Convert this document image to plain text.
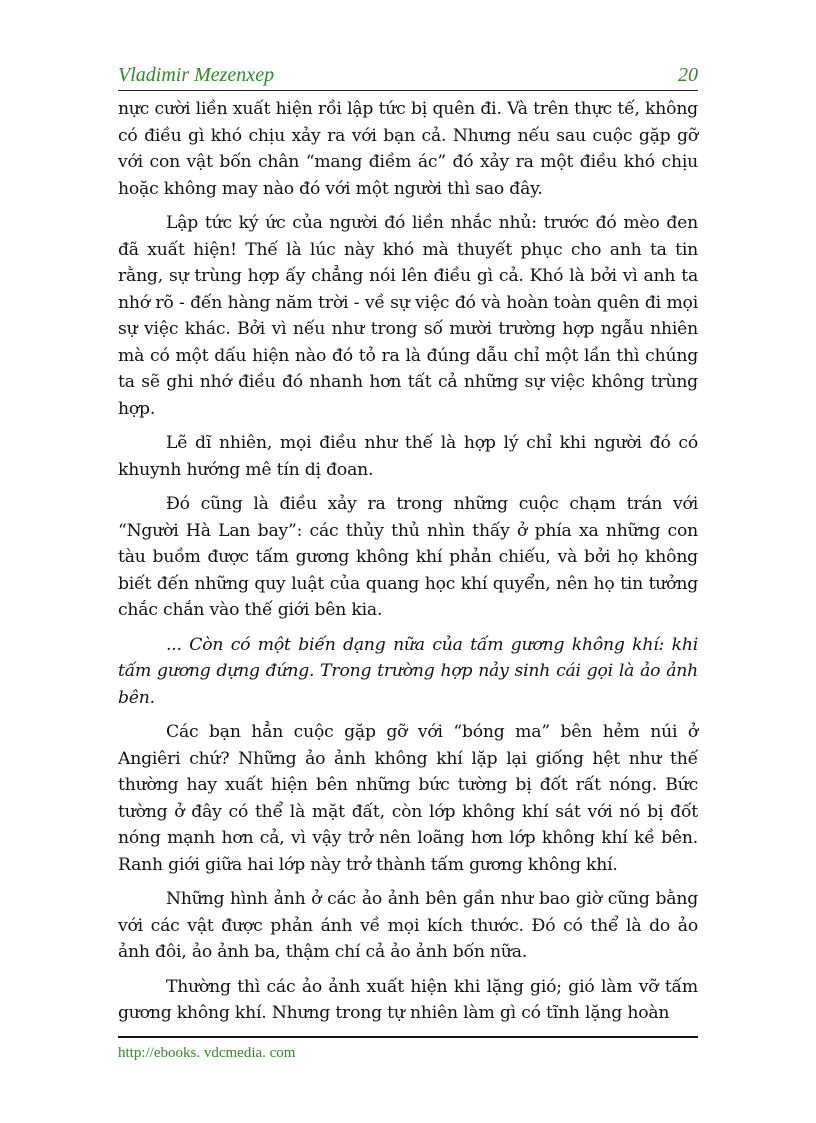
Vladimir Mezenxep	20

nực cười liền xuất hiện rồi lập tức bị quên đi. Và trên thực tế, không có điều gì khó chịu xảy ra với bạn cả. Nhưng nếu sau cuộc gặp gỡ với con vật bốn chân “mang điềm ác” đó xảy ra một điều khó chịu hoặc không may nào đó với một người thì sao đây.

Lập tức ký ức của người đó liền nhắc nhủ: trước đó mèo đen đã xuất hiện! Thế là lúc này khó mà thuyết phục cho anh ta tin rằng, sự trùng hợp ấy chẳng nói lên điều gì cả. Khó là bởi vì anh ta nhớ rõ - đến hàng năm trời - về sự việc đó và hoàn toàn quên đi mọi sự việc khác. Bởi vì nếu như trong số mười trường hợp ngẫu nhiên mà có một dấu hiện nào đó tỏ ra là đúng dẫu chỉ một lần thì chúng ta sẽ ghi nhớ điều đó nhanh hơn tất cả những sự việc không trùng hợp.

Lẽ dĩ nhiên, mọi điều như thế là hợp lý chỉ khi người đó có khuynh hướng mê tín dị đoan.

Đó cũng là điều xảy ra trong những cuộc chạm trán với “Người Hà Lan bay”: các thủy thủ nhìn thấy ở phía xa những con tàu buồm được tấm gương không khí phản chiếu, và bởi họ không biết đến những quy luật của quang học khí quyển, nên họ tin tưởng chắc chắn vào thế giới bên kia.

... Còn có một biến dạng nữa của tấm gương không khí: khi tấm gương dựng đứng. Trong trường hợp nảy sinh cái gọi là ảo ảnh bên.

Các bạn hẳn cuộc gặp gỡ với “bóng ma” bên hẻm núi ở Angiêri chứ? Những ảo ảnh không khí lặp lại giống hệt như thế thường hay xuất hiện bên những bức tường bị đốt rất nóng. Bức tường ở đây có thể là mặt đất, còn lớp không khí sát với nó bị đốt nóng mạnh hơn cả, vì vậy trở nên loãng hơn lớp không khí kề bên. Ranh giới giữa hai lớp này trở thành tấm gương không khí.

Những hình ảnh ở các ảo ảnh bên gần như bao giờ cũng bằng với các vật được phản ánh về mọi kích thước. Đó có thể là do ảo ảnh đôi, ảo ảnh ba, thậm chí cả ảo ảnh bốn nữa.

Thường thì các ảo ảnh xuất hiện khi lặng gió; gió làm vỡ tấm gương không khí. Nhưng trong tự nhiên làm gì có tĩnh lặng hoàn

http://ebooks. vdcmedia. com
